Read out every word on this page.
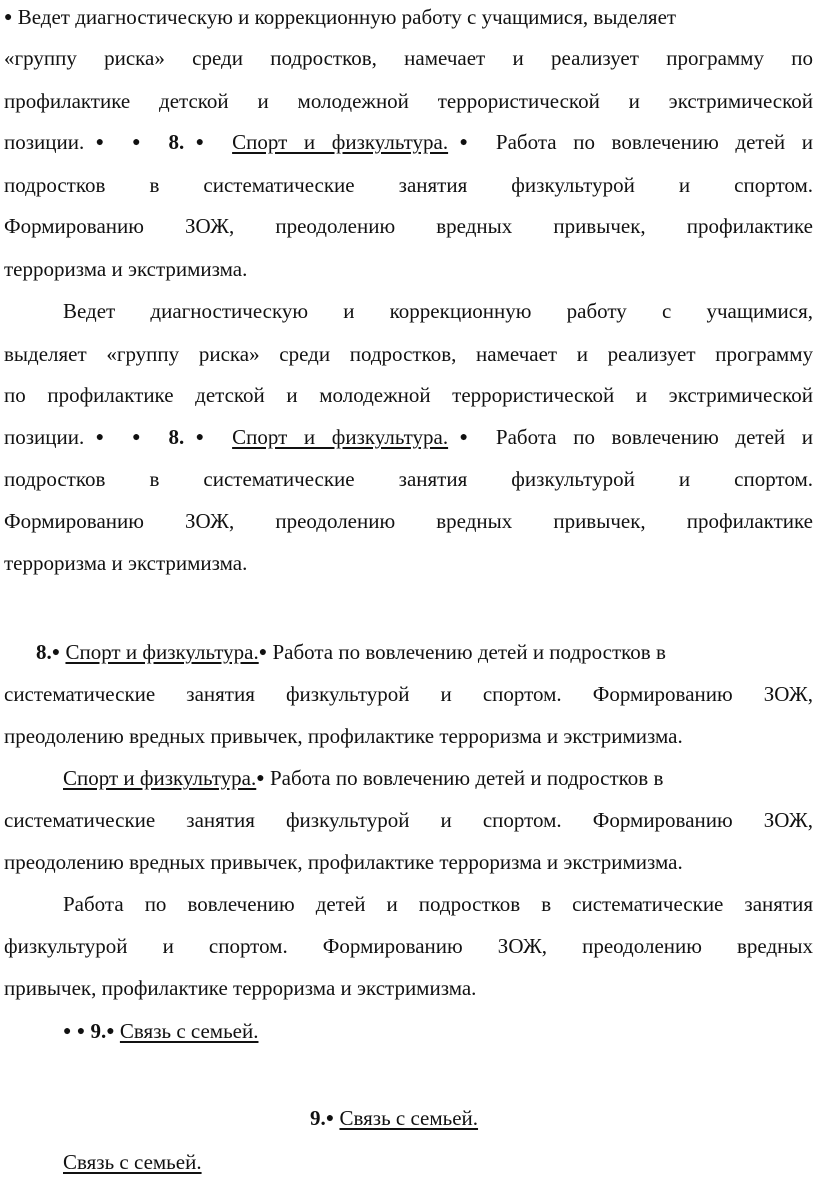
● Ведет диагностическую и коррекционную работу с учащимися, выделяет
«группу риска» среди подростков, намечает и реализует программу по
профилактике детской и молодежной террористической и экстримической
позиции.● ● 8.● Спорт и физкультура.● Работа по вовлечению детей и
подростков в систематические занятия физкультурой и спортом.
Формированию ЗОЖ, преодолению вредных привычек, профилактике
терроризма и экстримизма.
Ведет диагностическую и коррекционную работу с учащимися,
выделяет «группу риска» среди подростков, намечает и реализует программу
по профилактике детской и молодежной террористической и экстримической
позиции.● ● 8.● Спорт и физкультура.● Работа по вовлечению детей и
подростков в систематические занятия физкультурой и спортом.
Формированию ЗОЖ, преодолению вредных привычек, профилактике
терроризма и экстримизма.
8.● Спорт и физкультура.● Работа по вовлечению детей и подростков в
систематические занятия физкультурой и спортом. Формированию ЗОЖ,
преодолению вредных привычек, профилактике терроризма и экстримизма.
Спорт и физкультура.● Работа по вовлечению детей и подростков в
систематические занятия физкультурой и спортом. Формированию ЗОЖ,
преодолению вредных привычек, профилактике терроризма и экстримизма.
Работа по вовлечению детей и подростков в систематические занятия
физкультурой и спортом. Формированию ЗОЖ, преодолению вредных
привычек, профилактике терроризма и экстримизма.
● ● 9.● Связь с семьей.
9.● Связь с семьей.
Связь с семьей.
